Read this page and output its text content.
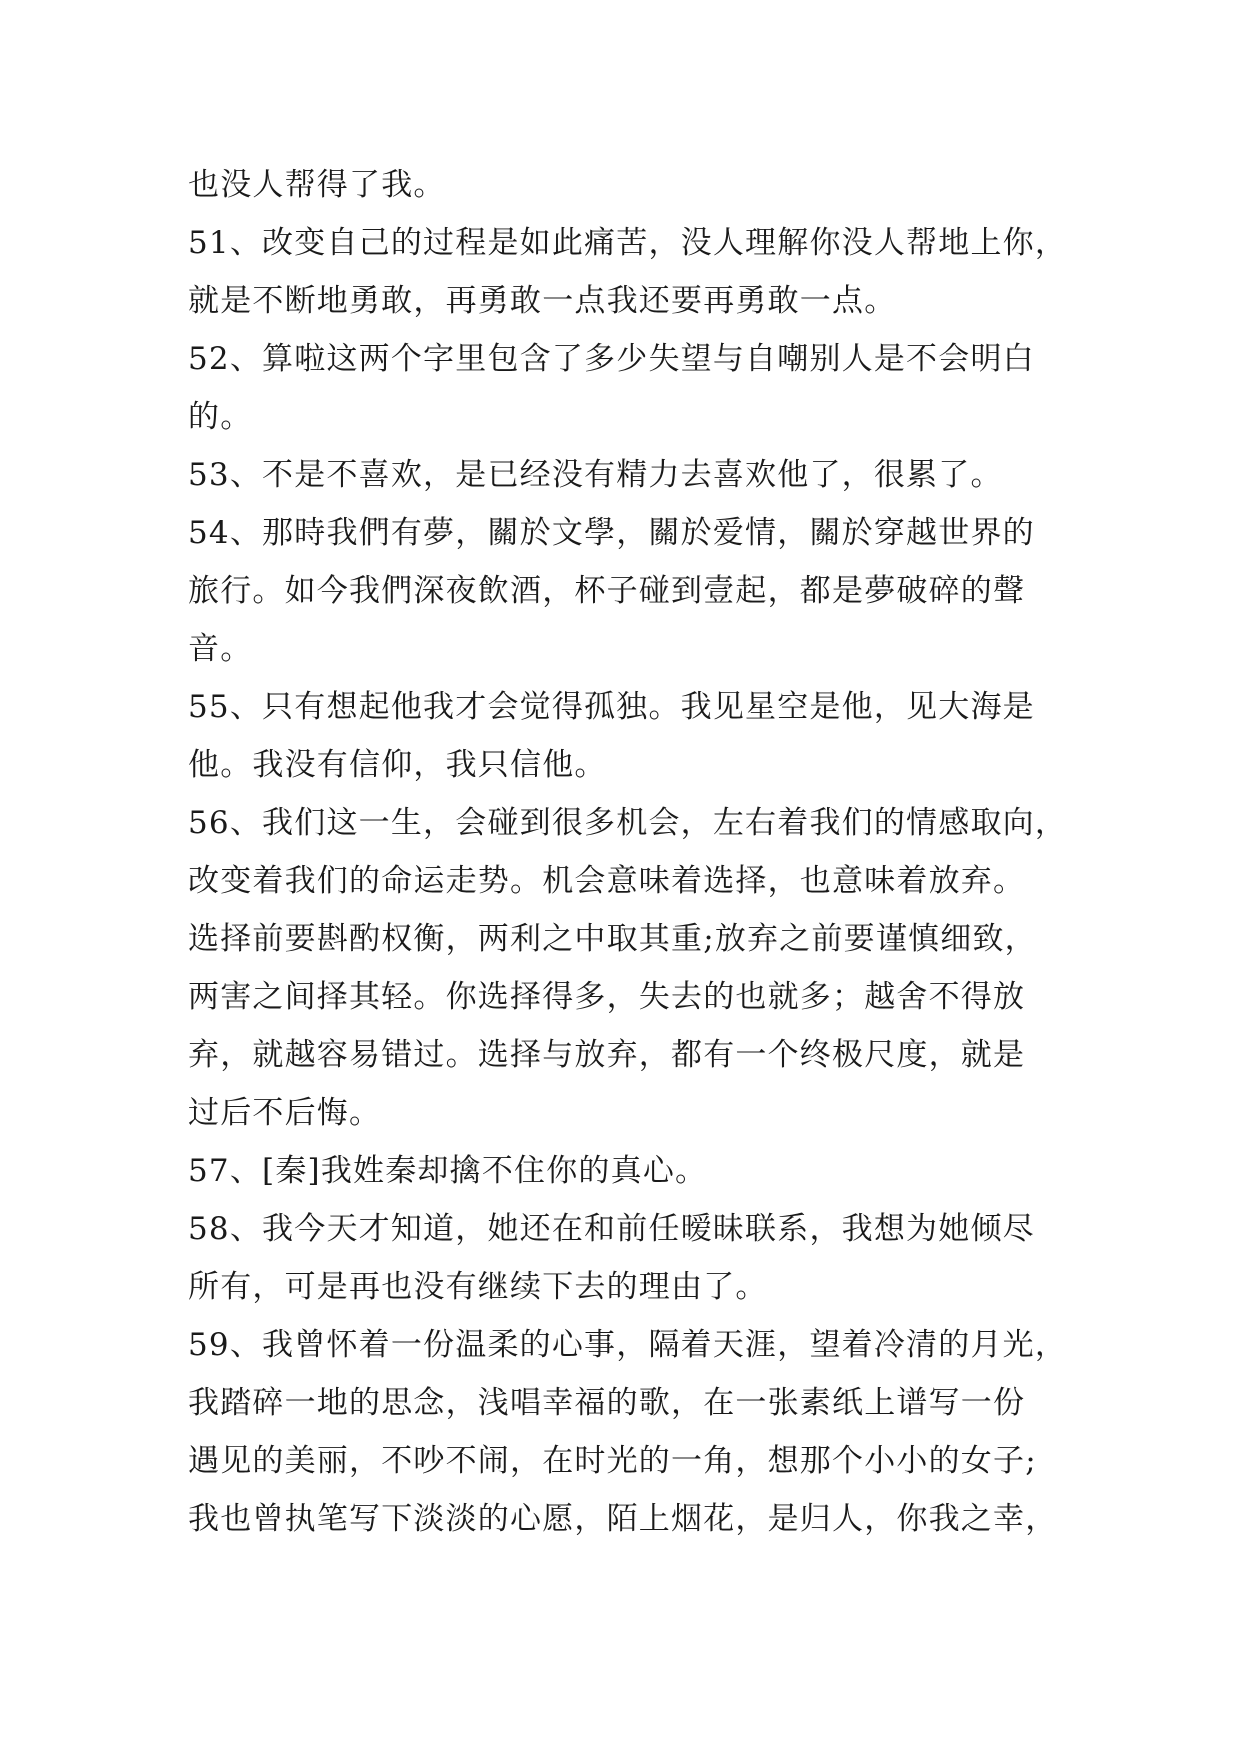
也没人帮得了我。
51、改变自己的过程是如此痛苦，没人理解你没人帮地上你，
就是不断地勇敢，再勇敢一点我还要再勇敢一点。
52、算啦这两个字里包含了多少失望与自嘲别人是不会明白
的。
53、不是不喜欢，是已经没有精力去喜欢他了，很累了。
54、那時我們有夢，關於文學，關於爱情，關於穿越世界的
旅行。如今我們深夜飲酒，杯子碰到壹起，都是夢破碎的聲
音。
55、只有想起他我才会觉得孤独。我见星空是他，见大海是
他。我没有信仰，我只信他。
56、我们这一生，会碰到很多机会，左右着我们的情感取向，
改变着我们的命运走势。机会意味着选择，也意味着放弃。
选择前要斟酌权衡，两利之中取其重;放弃之前要谨慎细致，
两害之间择其轻。你选择得多，失去的也就多；越舍不得放
弃，就越容易错过。选择与放弃，都有一个终极尺度，就是
过后不后悔。
57、[秦]我姓秦却擒不住你的真心。
58、我今天才知道，她还在和前任暧昧联系，我想为她倾尽
所有，可是再也没有继续下去的理由了。
59、我曾怀着一份温柔的心事，隔着天涯，望着冷清的月光，
我踏碎一地的思念，浅唱幸福的歌，在一张素纸上谱写一份
遇见的美丽，不吵不闹，在时光的一角，想那个小小的女子;
我也曾执笔写下淡淡的心愿，陌上烟花，是归人，你我之幸，
